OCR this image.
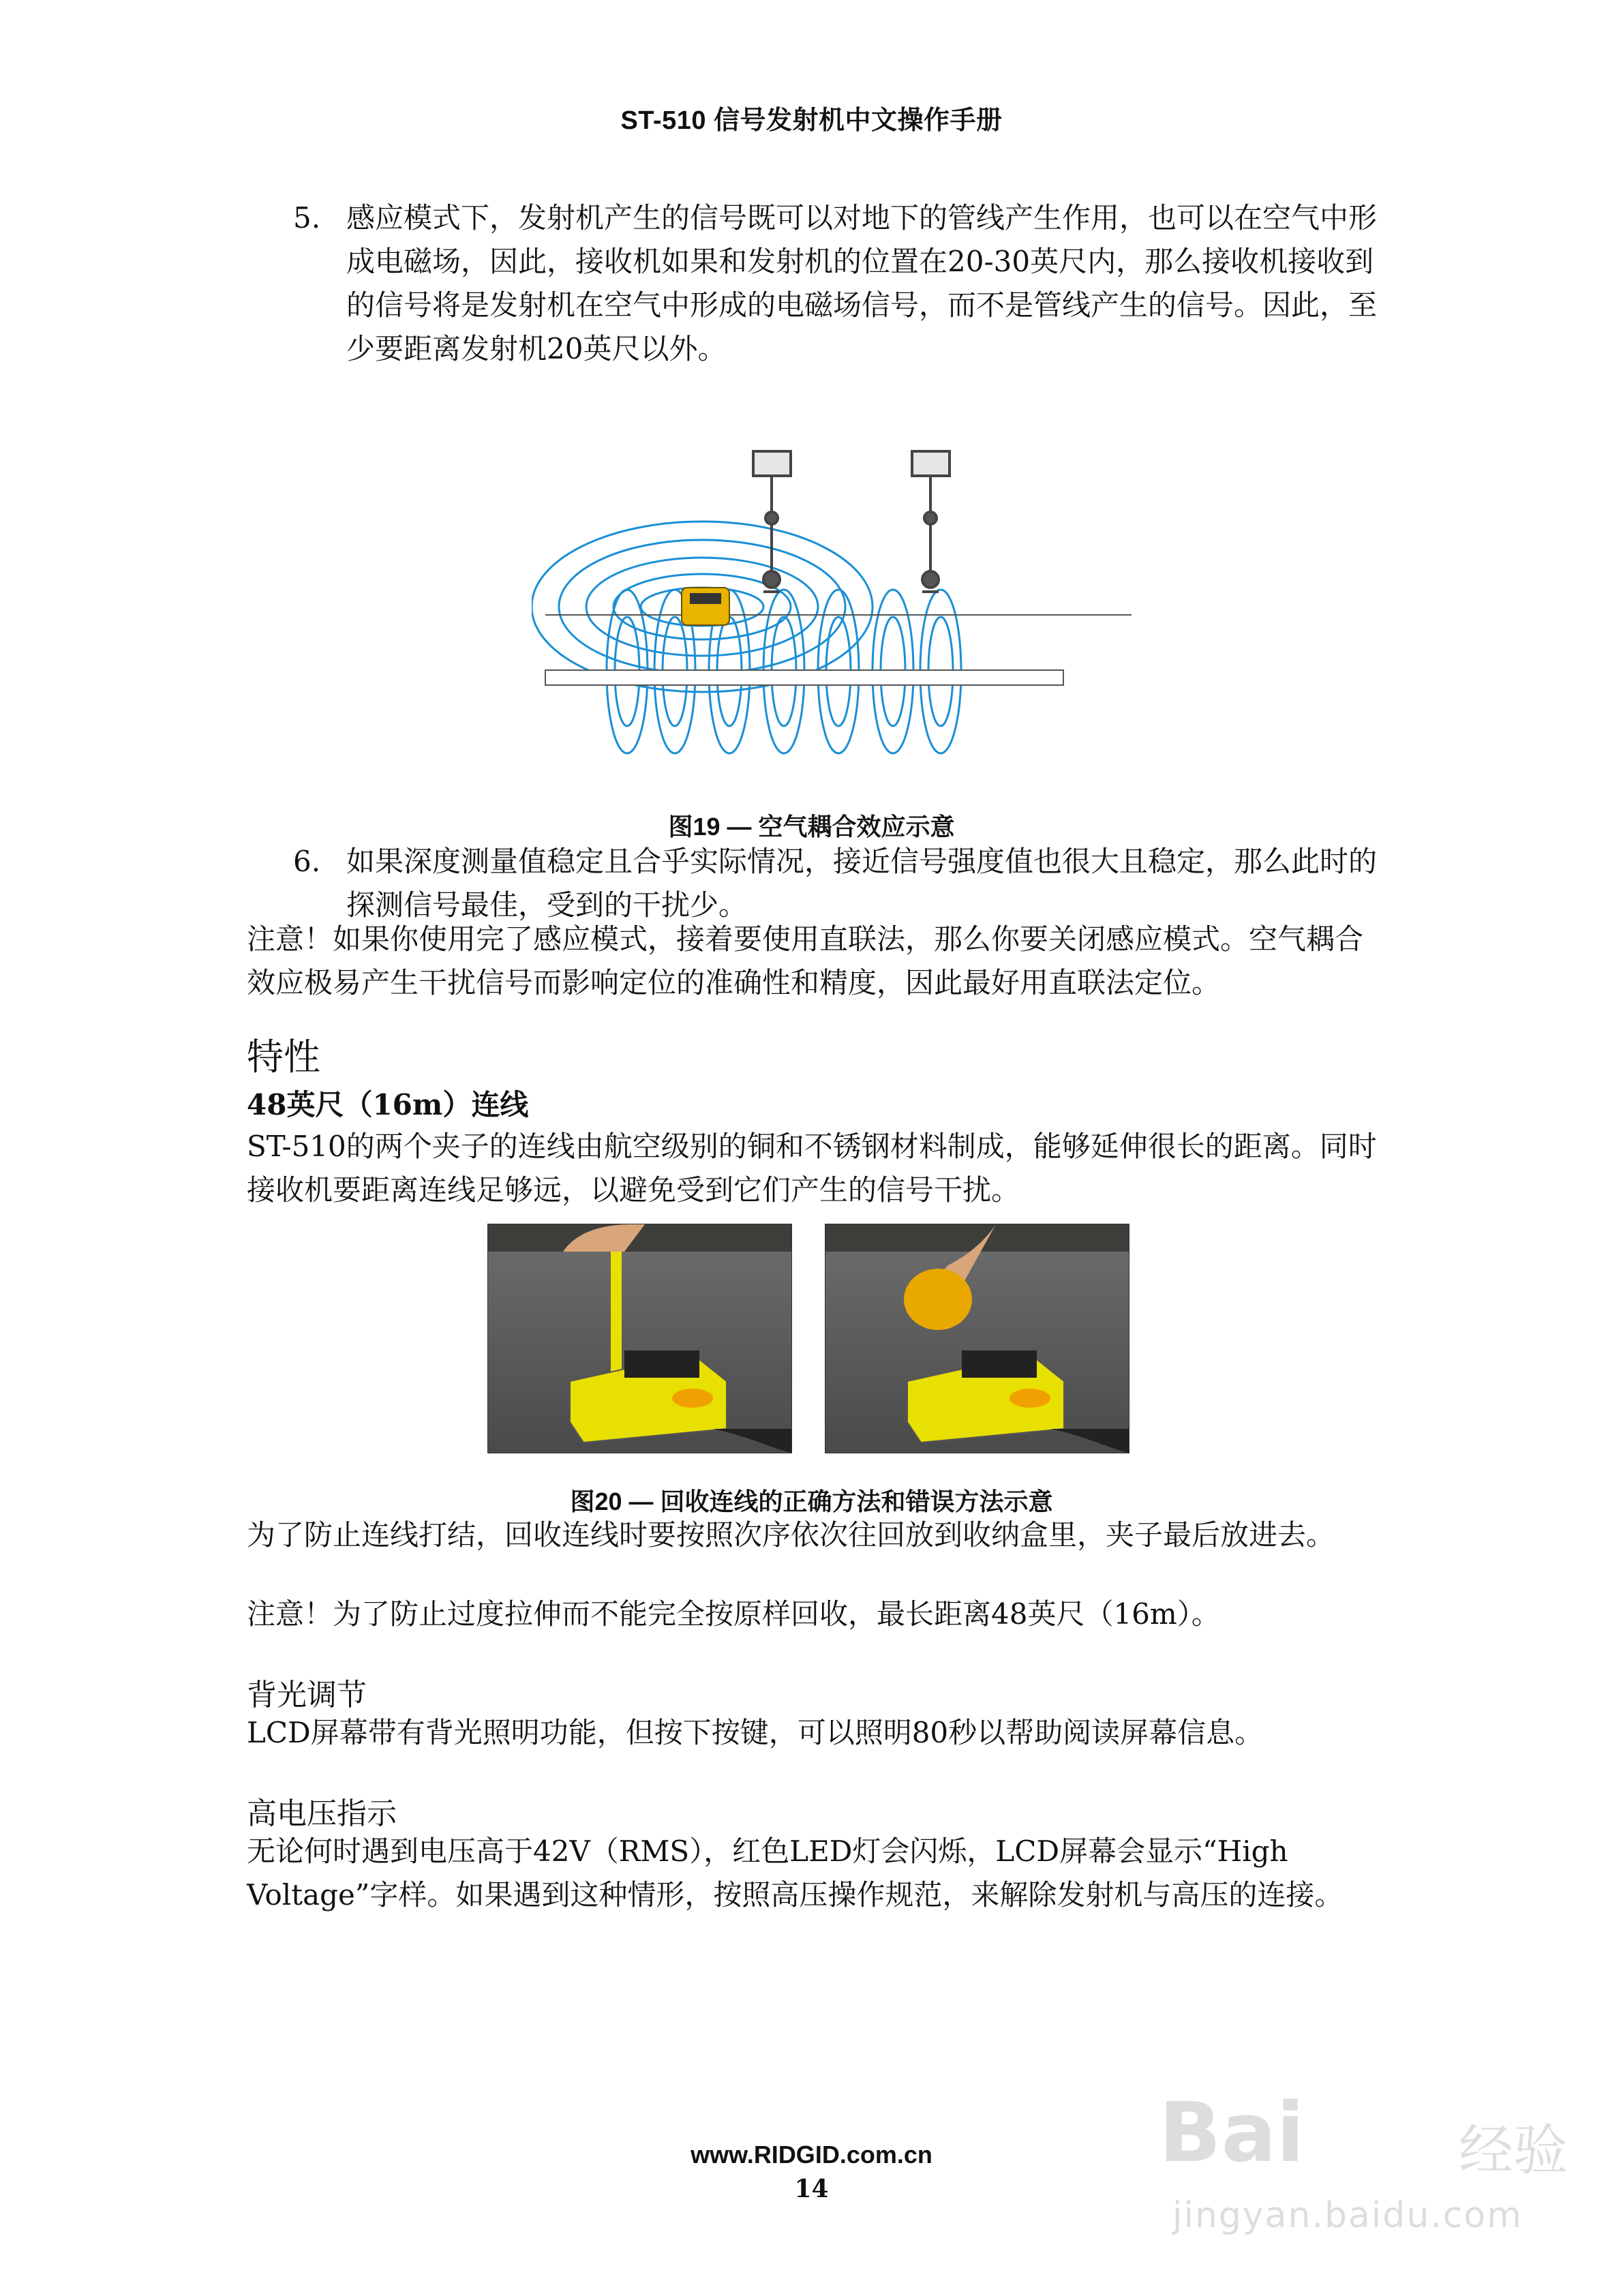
ST-510 信号发射机中文操作手册
5. 感应模式下，发射机产生的信号既可以对地下的管线产生作用，也可以在空气中形成电磁场，因此，接收机如果和发射机的位置在20-30英尺内，那么接收机接收到的信号将是发射机在空气中形成的电磁场信号，而不是管线产生的信号。因此，至少要距离发射机20英尺以外。
图19 — 空气耦合效应示意
6. 如果深度测量值稳定且合乎实际情况，接近信号强度值也很大且稳定，那么此时的探测信号最佳，受到的干扰少。
注意！如果你使用完了感应模式，接着要使用直联法，那么你要关闭感应模式。空气耦合效应极易产生干扰信号而影响定位的准确性和精度，因此最好用直联法定位。
特性
48英尺（16m）连线
ST-510的两个夹子的连线由航空级别的铜和不锈钢材料制成，能够延伸很长的距离。同时接收机要距离连线足够远，以避免受到它们产生的信号干扰。
图20 — 回收连线的正确方法和错误方法示意
为了防止连线打结，回收连线时要按照次序依次往回放到收纳盒里，夹子最后放进去。
注意！为了防止过度拉伸而不能完全按原样回收，最长距离48英尺（16m）。
背光调节
LCD屏幕带有背光照明功能，但按下按键，可以照明80秒以帮助阅读屏幕信息。
高电压指示
无论何时遇到电压高于42V（RMS），红色LED灯会闪烁，LCD屏幕会显示“High Voltage”字样。如果遇到这种情形，按照高压操作规范，来解除发射机与高压的连接。
www.RIDGID.com.cn
14
Bai	经验
jingyan.baidu.com
